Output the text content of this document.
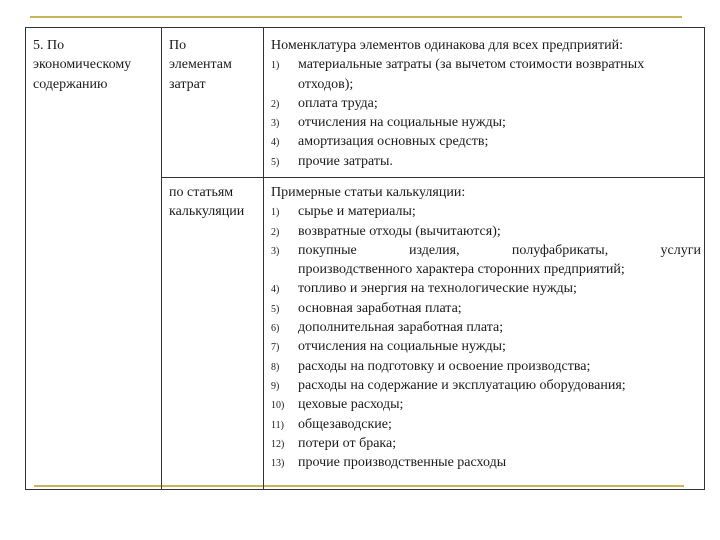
5. По

экономическому

содержанию

По

элементам

затрат

по статьям

калькуляции

Номенклатура элементов одинакова для всех предприятий:

1) материальные затраты (за вычетом стоимости возвратных
отходов);
2) оплата труда;
3) отчисления на социальные нужды;
4) амортизация основных средств;
5) прочие затраты.

Примерные статьи калькуляции:

1) сырье и материалы;
2) возвратные отходы (вычитаются);
3) покупные изделия, полуфабрикаты, услуги
производственного характера сторонних предприятий;
4) топливо и энергия на технологические нужды;
5) основная заработная плата;
6) дополнительная заработная плата;
7) отчисления на социальные нужды;
8) расходы на подготовку и освоение производства;
9) расходы на содержание и эксплуатацию оборудования;
10) цеховые расходы;
11) общезаводские;
12) потери от брака;
13) прочие производственные расходы
